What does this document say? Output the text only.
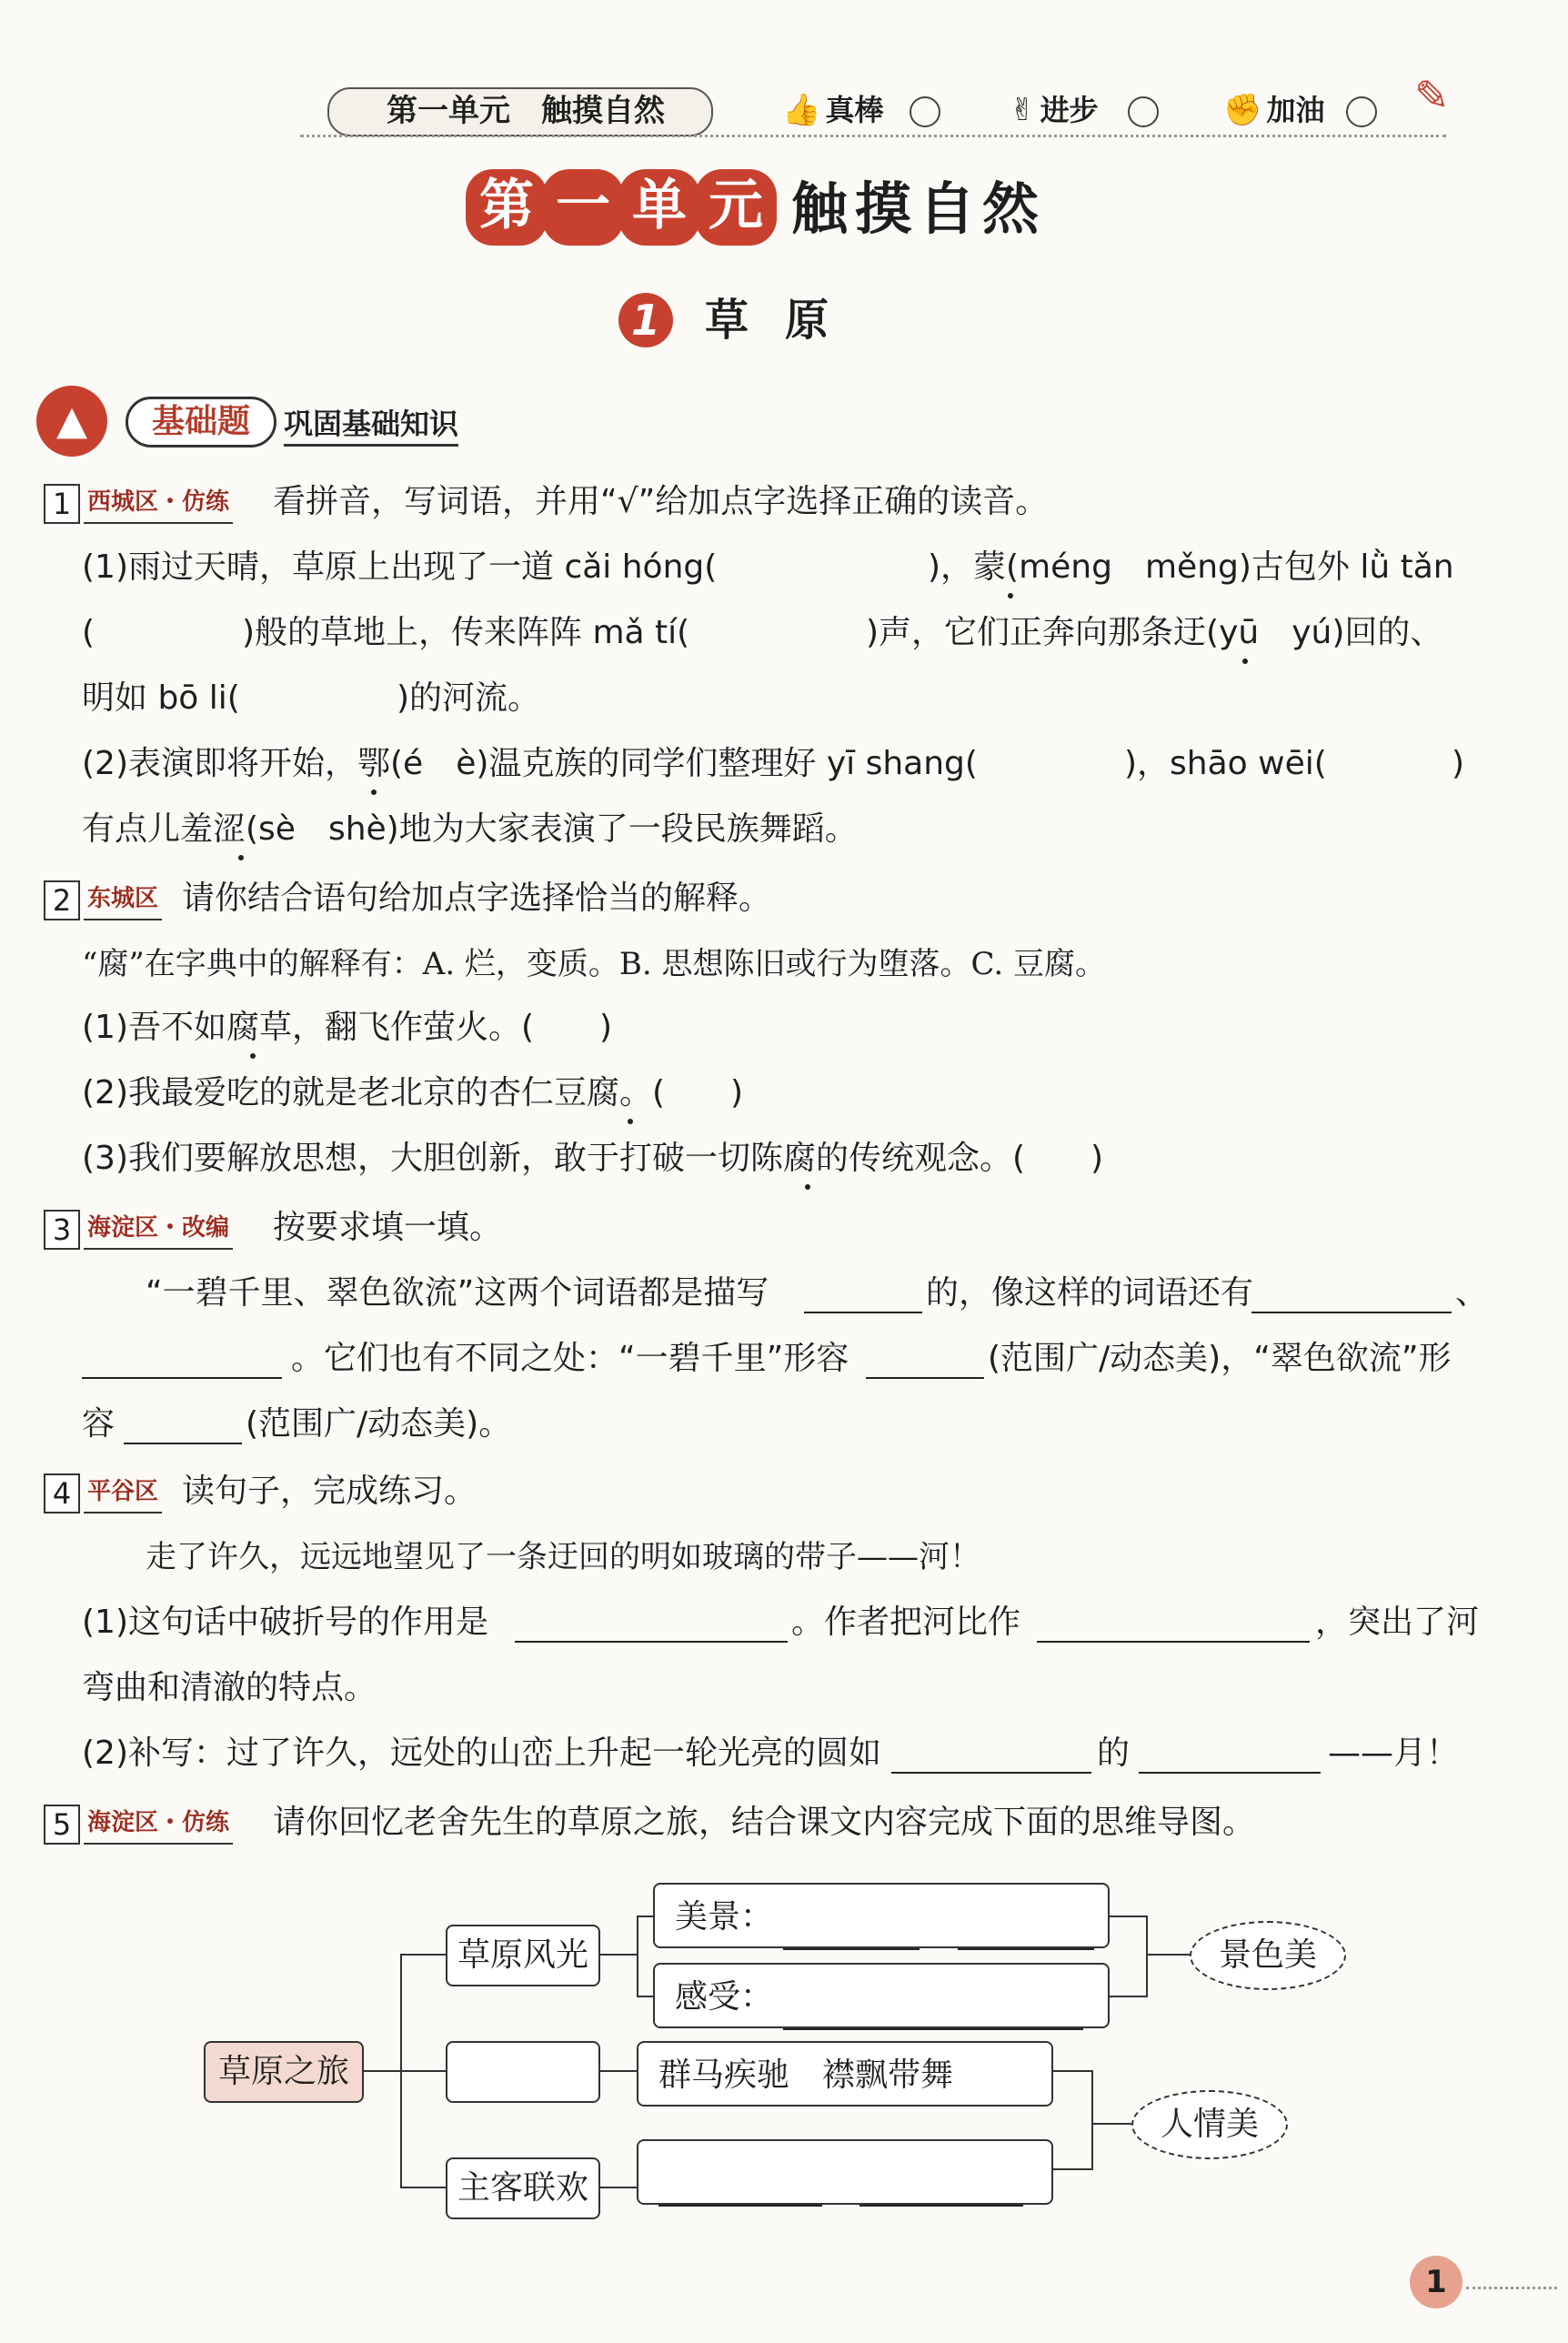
第一单元　触摸自然	👍 真棒	✌ 进步	✊ 加油 ✎
第 一 单 元 触摸自然
1 草原
▲	基础题	巩固基础知识
1 西城区・仿练 看拼音，写词语，并用“√”给加点字选择正确的读音。
(1)雨过天晴，草原上出现了一道 cǎi hóng(	)，蒙(méng　měng)古包外 lǜ tǎn
(	)般的草地上，传来阵阵 mǎ tí(	)声，它们正奔向那条迂(yū　yú)回的、
明如 bō li(	)的河流。
(2)表演即将开始，鄂(é　è)温克族的同学们整理好 yī shang(	)，shāo wēi(	)
有点儿羞涩(sè　shè)地为大家表演了一段民族舞蹈。
2 东城区 请你结合语句给加点字选择恰当的解释。
“腐”在字典中的解释有：A. 烂，变质。B. 思想陈旧或行为堕落。C. 豆腐。
(1)吾不如腐草，翻飞作萤火。(　　)
(2)我最爱吃的就是老北京的杏仁豆腐。(　　)
(3)我们要解放思想，大胆创新，敢于打破一切陈腐的传统观念。(　　)
3 海淀区・改编 按要求填一填。
“一碧千里、翠色欲流”这两个词语都是描写	的，像这样的词语还有	、
。它们也有不同之处：“一碧千里”形容	(范围广/动态美)，“翠色欲流”形
容	(范围广/动态美)。
4 平谷区 读句子，完成练习。
走了许久，远远地望见了一条迂回的明如玻璃的带子——河！
(1)这句话中破折号的作用是	。作者把河比作	，突出了河
弯曲和清澈的特点。
(2)补写：过了许久，远处的山峦上升起一轮光亮的圆如	的	——月！
5 海淀区・仿练 请你回忆老舍先生的草原之旅，结合课文内容完成下面的思维导图。
草原之旅
草原风光
主客联欢
美景：
感受：
群马疾驰　襟飘带舞

景色美
人情美
1
